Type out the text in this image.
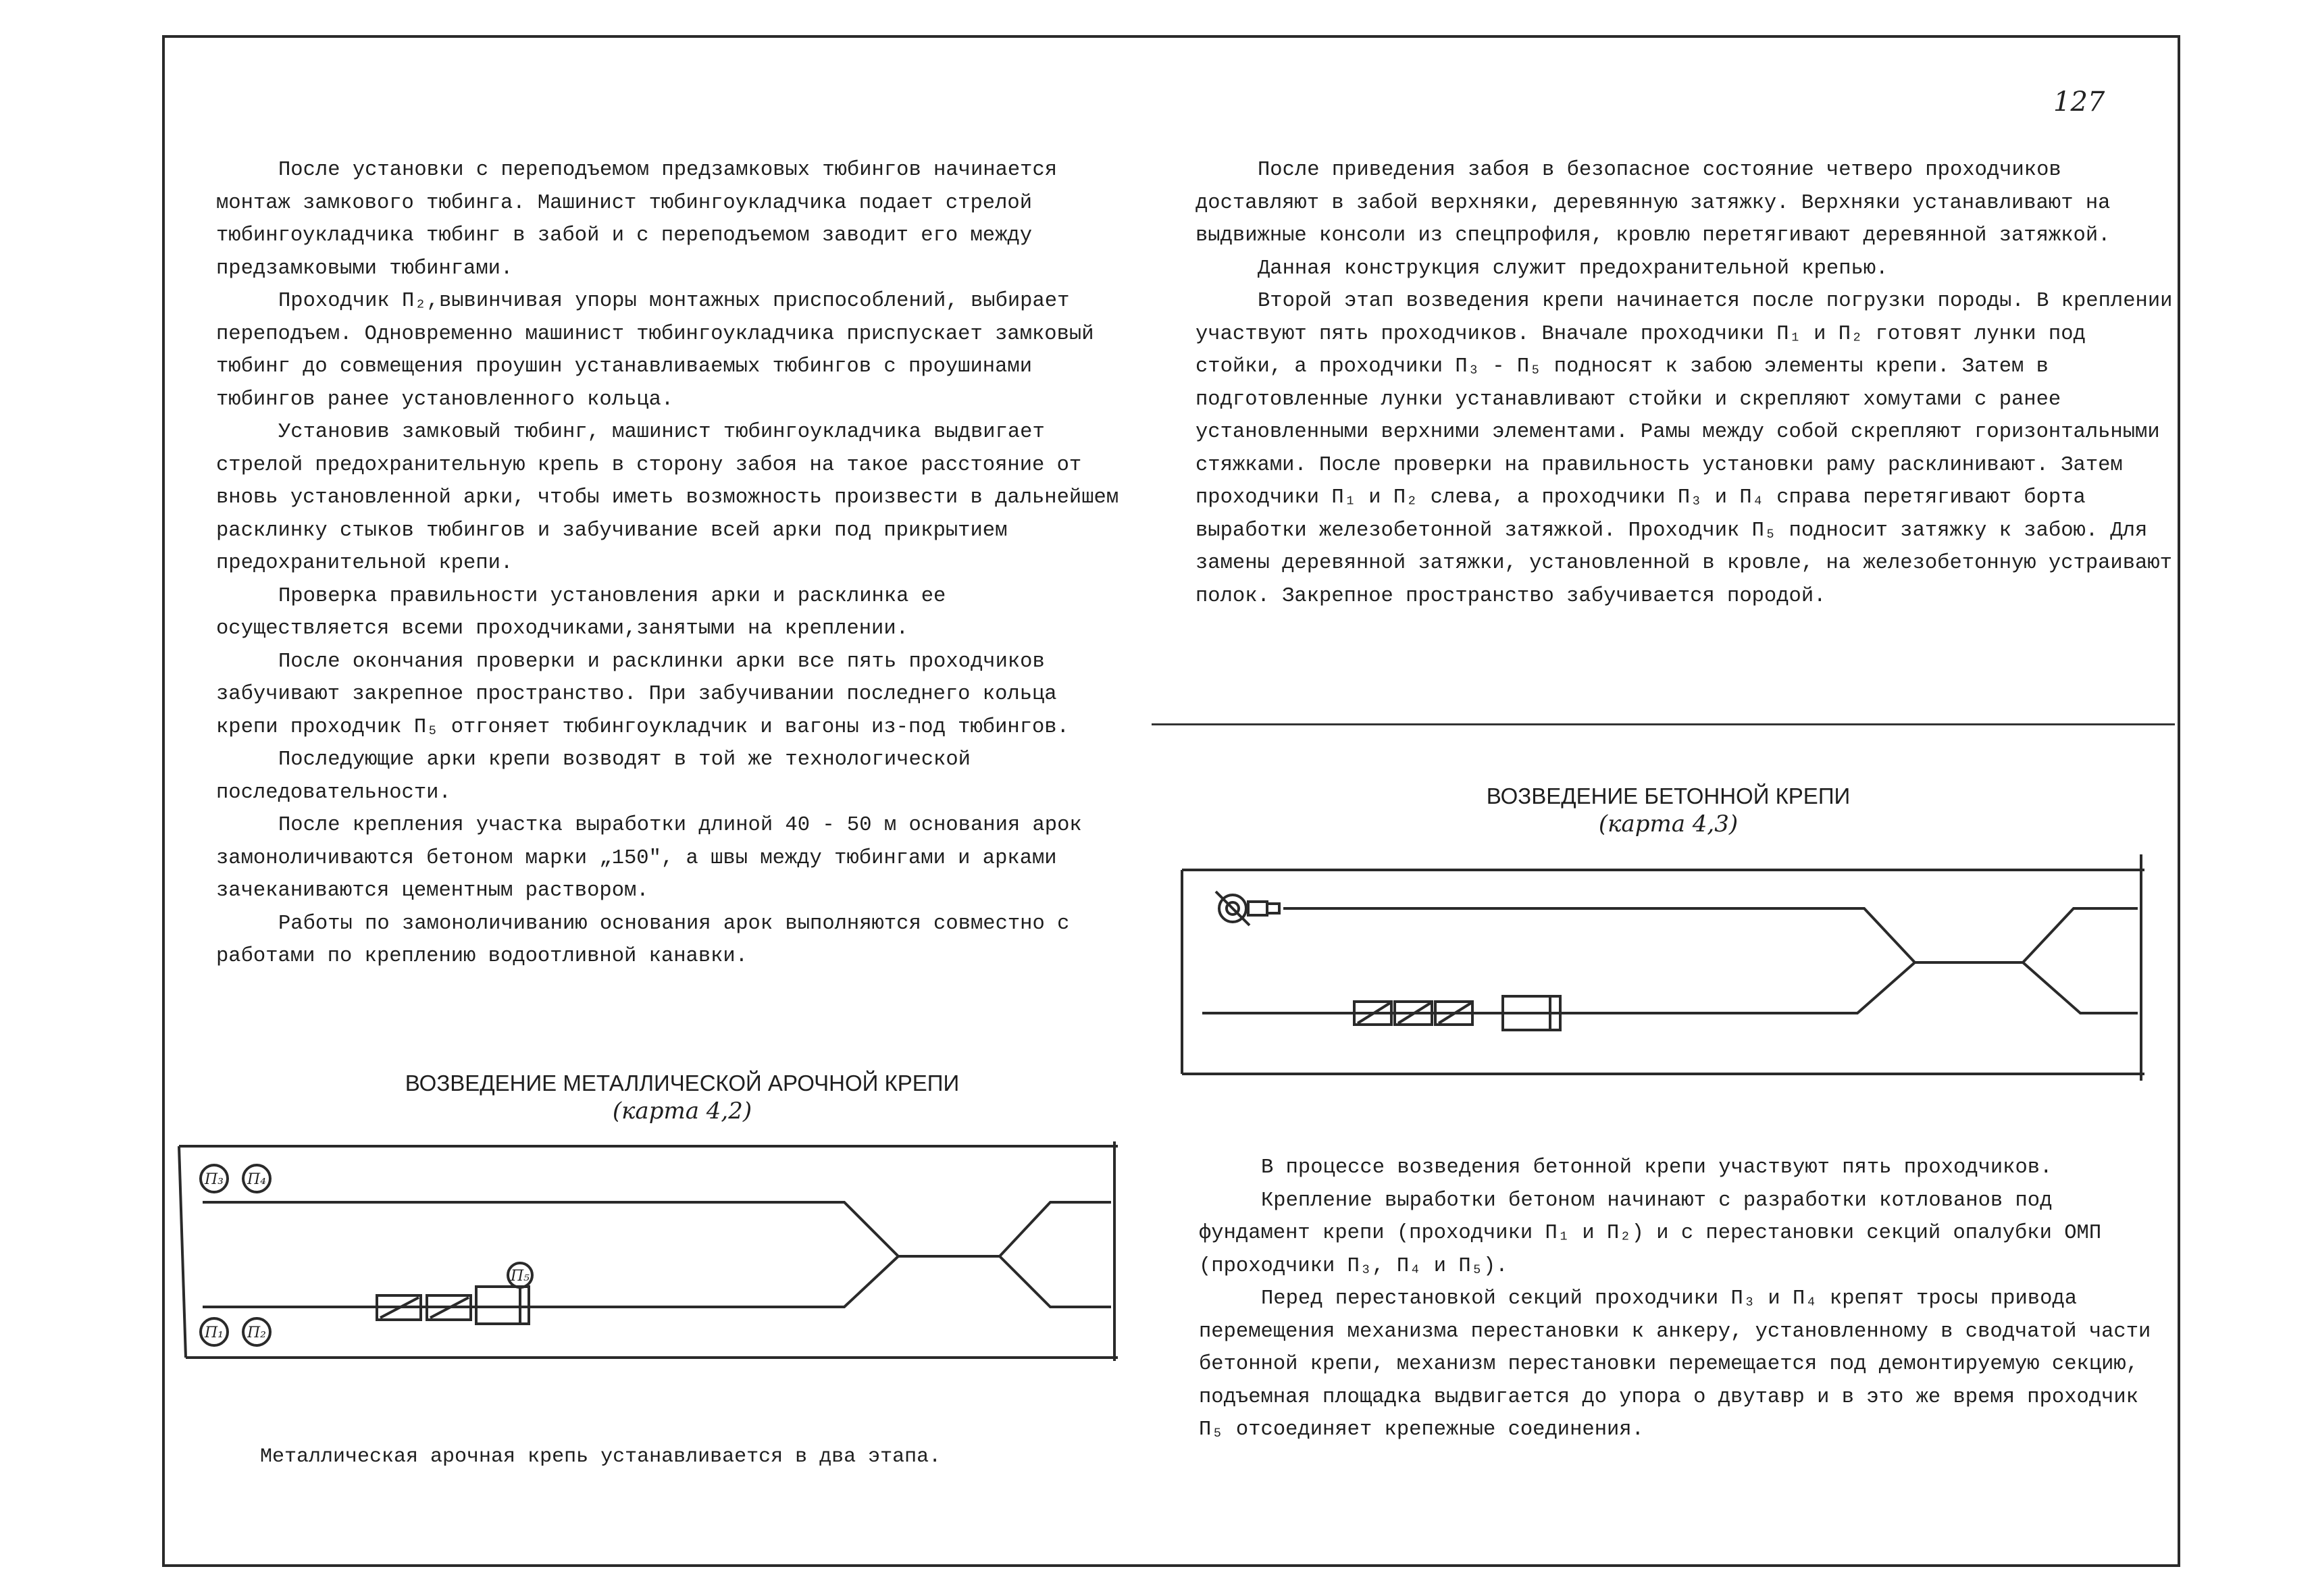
127

После установки с переподъемом предзамковых тюбингов начинается монтаж замкового тюбинга. Машинист тюбингоукладчика подает стрелой тюбингоукладчика тюбинг в забой и с переподъемом заводит его между предзамковыми тюбингами.

Проходчик П₂,вывинчивая упоры монтажных приспособлений, выбирает переподъем. Одновременно машинист тюбингоукладчика приспускает замковый тюбинг до совмещения проушин устанавливаемых тюбингов с проушинами тюбингов ранее установленного кольца.

Установив замковый тюбинг, машинист тюбингоукладчика выдвигает стрелой предохранительную крепь в сторону забоя на такое расстояние от вновь установленной арки, чтобы иметь возможность произвести в дальнейшем расклинку стыков тюбингов и забучивание всей арки под прикрытием предохранительной крепи.

Проверка правильности установления арки и расклинка ее осуществляется всеми проходчиками,занятыми на креплении.

После окончания проверки и расклинки арки все пять проходчиков забучивают закрепное пространство. При забучивании последнего кольца крепи проходчик П₅ отгоняет тюбингоукладчик и вагоны из-под тюбингов.

Последующие арки крепи возводят в той же технологической последовательности.

После крепления участка выработки длиной 40 - 50 м основания арок замоноличиваются бетоном марки „150", а швы между тюбингами и арками зачеканиваются цементным раствором.

Работы по замоноличиванию основания арок выполняются совместно с работами по креплению водоотливной канавки.

После приведения забоя в безопасное состояние четверо проходчиков доставляют в забой верхняки, деревянную затяжку. Верхняки устанавливают на выдвижные консоли из спецпрофиля, кровлю перетягивают деревянной затяжкой.

Данная конструкция служит предохранительной крепью.

Второй этап возведения крепи начинается после погрузки породы. В креплении участвуют пять проходчиков. Вначале проходчики П₁ и П₂ готовят лунки под стойки, а проходчики П₃ - П₅ подносят к забою элементы крепи. Затем в подготовленные лунки устанавливают стойки и скрепляют хомутами с ранее установленными верхними элементами. Рамы между собой скрепляют горизонтальными стяжками. После проверки на правильность установки раму расклинивают. Затем проходчики П₁ и П₂ слева, а проходчики П₃ и П₄ справа перетягивают борта выработки железобетонной затяжкой. Проходчик П₅ подносит затяжку к забою. Для замены деревянной затяжки, установленной в кровле, на железобетонную устраивают полок. Закрепное пространство забучивается породой.

ВОЗВЕДЕНИЕ БЕТОННОЙ КРЕПИ
(карта 4,3)

В процессе возведения бетонной крепи участвуют пять проходчиков.

Крепление выработки бетоном начинают с разработки котлованов под фундамент крепи (проходчики П₁ и П₂) и с перестановки секций опалубки ОМП (проходчики П₃, П₄ и П₅).

Перед перестановкой секций проходчики П₃ и П₄ крепят тросы привода перемещения механизма перестановки к анкеру, установленному в сводчатой части бетонной крепи, механизм перестановки перемещается под демонтируемую секцию, подъемная площадка выдвигается до упора о двутавр и в это же время проходчик П₅ отсоединяет крепежные соединения.

ВОЗВЕДЕНИЕ МЕТАЛЛИЧЕСКОЙ АРОЧНОЙ КРЕПИ
(карта 4,2)
Металлическая арочная крепь устанавливается в два этапа.
П₃ П₄
П₅
П₁ П₂
